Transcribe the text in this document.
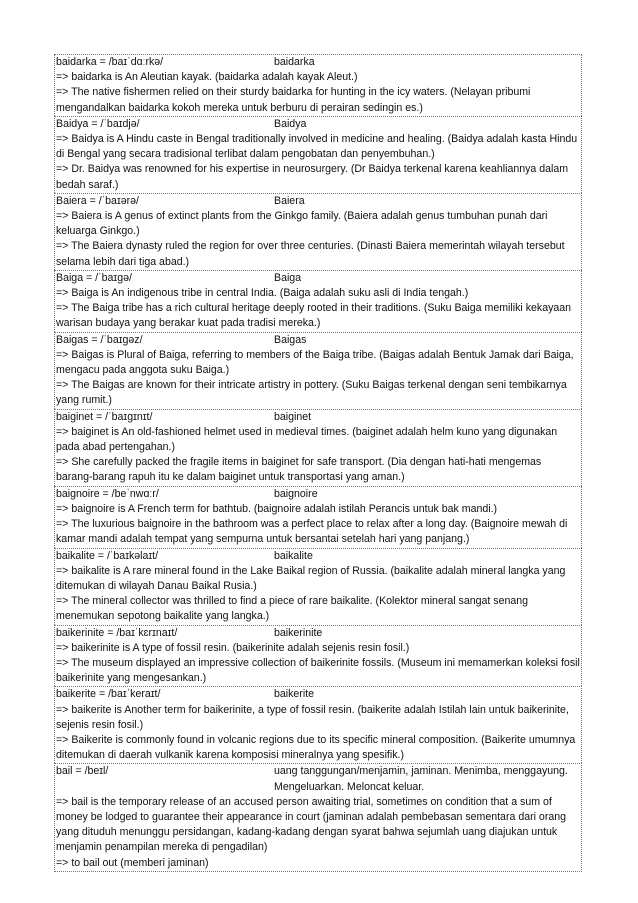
baidarka = /baɪˈdɑːrkə/	baidarka
=> baidarka is An Aleutian kayak. (baidarka adalah kayak Aleut.)
=> The native fishermen relied on their sturdy baidarka for hunting in the icy waters. (Nelayan pribumi mengandalkan baidarka kokoh mereka untuk berburu di perairan sedingin es.)
Baidya = /ˈbaɪdjə/	Baidya
=> Baidya is A Hindu caste in Bengal traditionally involved in medicine and healing. (Baidya adalah kasta Hindu di Bengal yang secara tradisional terlibat dalam pengobatan dan penyembuhan.)
=> Dr. Baidya was renowned for his expertise in neurosurgery. (Dr Baidya terkenal karena keahliannya dalam bedah saraf.)
Baiera = /ˈbaɪərə/	Baiera
=> Baiera is A genus of extinct plants from the Ginkgo family. (Baiera adalah genus tumbuhan punah dari keluarga Ginkgo.)
=> The Baiera dynasty ruled the region for over three centuries. (Dinasti Baiera memerintah wilayah tersebut selama lebih dari tiga abad.)
Baiga = /ˈbaɪɡə/	Baiga
=> Baiga is An indigenous tribe in central India. (Baiga adalah suku asli di India tengah.)
=> The Baiga tribe has a rich cultural heritage deeply rooted in their traditions. (Suku Baiga memiliki kekayaan warisan budaya yang berakar kuat pada tradisi mereka.)
Baigas = /ˈbaɪɡəz/	Baigas
=> Baigas is Plural of Baiga, referring to members of the Baiga tribe. (Baigas adalah Bentuk Jamak dari Baiga, mengacu pada anggota suku Baiga.)
=> The Baigas are known for their intricate artistry in pottery. (Suku Baigas terkenal dengan seni tembikarnya yang rumit.)
baiginet = /ˈbaɪɡɪnɪt/	baiginet
=> baiginet is An old-fashioned helmet used in medieval times. (baiginet adalah helm kuno yang digunakan pada abad pertengahan.)
=> She carefully packed the fragile items in baiginet for safe transport. (Dia dengan hati-hati mengemas barang-barang rapuh itu ke dalam baiginet untuk transportasi yang aman.)
baignoire = /beˈnwɑːr/	baignoire
=> baignoire is A French term for bathtub. (baignoire adalah istilah Perancis untuk bak mandi.)
=> The luxurious baignoire in the bathroom was a perfect place to relax after a long day. (Baignoire mewah di kamar mandi adalah tempat yang sempurna untuk bersantai setelah hari yang panjang.)
baikalite = /ˈbaɪkəlaɪt/	baikalite
=> baikalite is A rare mineral found in the Lake Baikal region of Russia. (baikalite adalah mineral langka yang ditemukan di wilayah Danau Baikal Rusia.)
=> The mineral collector was thrilled to find a piece of rare baikalite. (Kolektor mineral sangat senang menemukan sepotong baikalite yang langka.)
baikerinite = /baɪˈkɛrɪnaɪt/	baikerinite
=> baikerinite is A type of fossil resin. (baikerinite adalah sejenis resin fosil.)
=> The museum displayed an impressive collection of baikerinite fossils. (Museum ini memamerkan koleksi fosil baikerinite yang mengesankan.)
baikerite = /baɪˈkeraɪt/	baikerite
=> baikerite is Another term for baikerinite, a type of fossil resin. (baikerite adalah Istilah lain untuk baikerinite, sejenis resin fosil.)
=> Baikerite is commonly found in volcanic regions due to its specific mineral composition. (Baikerite umumnya ditemukan di daerah vulkanik karena komposisi mineralnya yang spesifik.)
bail = /beɪl/	uang tanggungan/menjamin, jaminan. Menimba, menggayung. Mengeluarkan. Meloncat keluar.
=> bail is the temporary release of an accused person awaiting trial, sometimes on condition that a sum of money be lodged to guarantee their appearance in court (jaminan adalah pembebasan sementara dari orang yang dituduh menunggu persidangan, kadang-kadang dengan syarat bahwa sejumlah uang diajukan untuk menjamin penampilan mereka di pengadilan)
=> to bail out (memberi jaminan)
